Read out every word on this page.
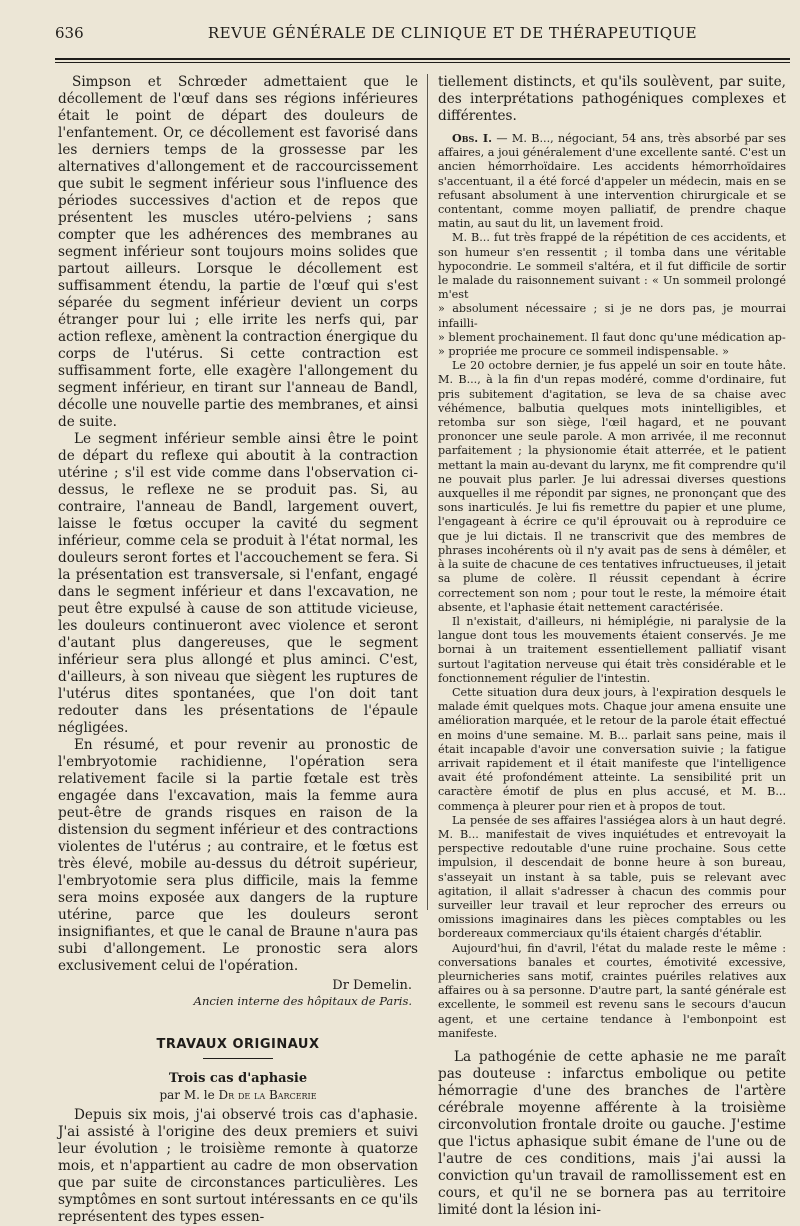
636	REVUE GÉNÉRALE DE CLINIQUE ET DE THÉRAPEUTIQUE

Simpson et Schrœder admettaient que le décollement de l'œuf dans ses régions inférieures était le point de départ des douleurs de l'enfantement. Or, ce décollement est favorisé dans les derniers temps de la grossesse par les alternatives d'allongement et de raccourcissement que subit le segment inférieur sous l'influence des périodes successives d'action et de repos que présentent les muscles utéro-pelviens ; sans compter que les adhérences des membranes au segment inférieur sont toujours moins solides que partout ailleurs. Lorsque le décollement est suffisamment étendu, la partie de l'œuf qui s'est séparée du segment inférieur devient un corps étranger pour lui ; elle irrite les nerfs qui, par action reflexe, amènent la contraction énergique du corps de l'utérus. Si cette contraction est suffisamment forte, elle exagère l'allongement du segment inférieur, en tirant sur l'anneau de Bandl, décolle une nouvelle partie des membranes, et ainsi de suite.

Le segment inférieur semble ainsi être le point de départ du reflexe qui aboutit à la contraction utérine ; s'il est vide comme dans l'observation ci-dessus, le reflexe ne se produit pas. Si, au contraire, l'anneau de Bandl, largement ouvert, laisse le fœtus occuper la cavité du segment inférieur, comme cela se produit à l'état normal, les douleurs seront fortes et l'accouchement se fera. Si la présentation est transversale, si l'enfant, engagé dans le segment inférieur et dans l'excavation, ne peut être expulsé à cause de son attitude vicieuse, les douleurs continueront avec violence et seront d'autant plus dangereuses, que le segment inférieur sera plus allongé et plus aminci. C'est, d'ailleurs, à son niveau que siègent les ruptures de l'utérus dites spontanées, que l'on doit tant redouter dans les présentations de l'épaule négligées.

En résumé, et pour revenir au pronostic de l'embryotomie rachidienne, l'opération sera relativement facile si la partie fœtale est très engagée dans l'excavation, mais la femme aura peut-être de grands risques en raison de la distension du segment inférieur et des contractions violentes de l'utérus ; au contraire, et le fœtus est très élevé, mobile au-dessus du détroit supérieur, l'embryotomie sera plus difficile, mais la femme sera moins exposée aux dangers de la rupture utérine, parce que les douleurs seront insignifiantes, et que le canal de Braune n'aura pas subi d'allongement. Le pronostic sera alors exclusivement celui de l'opération.

Dr Demelin.
Ancien interne des hôpitaux de Paris.
TRAVAUX ORIGINAUX
Trois cas d'aphasie
par M. le Dr de la Barcerie

Depuis six mois, j'ai observé trois cas d'aphasie. J'ai assisté à l'origine des deux premiers et suivi leur évolution ; le troisième remonte à quatorze mois, et n'appartient au cadre de mon observation que par suite de circonstances particulières. Les symptômes en sont surtout intéressants en ce qu'ils représentent des types essen-

tiellement distincts, et qu'ils soulèvent, par suite, des interprétations pathogéniques complexes et différentes.

Obs. I. — M. B..., négociant, 54 ans, très absorbé par ses affaires, a joui généralement d'une excellente santé. C'est un ancien hémorrhoïdaire. Les accidents hémorrhoïdaires s'accentuant, il a été forcé d'appeler un médecin, mais en se refusant absolument à une intervention chirurgicale et se contentant, comme moyen palliatif, de prendre chaque matin, au saut du lit, un lavement froid.

M. B... fut très frappé de la répétition de ces accidents, et son humeur s'en ressentit ; il tomba dans une véritable hypocondrie. Le sommeil s'altéra, et il fut difficile de sortir le malade du raisonnement suivant : « Un sommeil prolongé m'est

» absolument nécessaire ; si je ne dors pas, je mourrai infailli-

» blement prochainement. Il faut donc qu'une médication ap-

» propriée me procure ce sommeil indispensable. »

Le 20 octobre dernier, je fus appelé un soir en toute hâte. M. B..., à la fin d'un repas modéré, comme d'ordinaire, fut pris subitement d'agitation, se leva de sa chaise avec véhémence, balbutia quelques mots inintelligibles, et retomba sur son siège, l'œil hagard, et ne pouvant prononcer une seule parole. A mon arrivée, il me reconnut parfaitement ; la physionomie était atterrée, et le patient mettant la main au-devant du larynx, me fit comprendre qu'il ne pouvait plus parler. Je lui adressai diverses questions auxquelles il me répondit par signes, ne prononçant que des sons inarticulés. Je lui fis remettre du papier et une plume, l'engageant à écrire ce qu'il éprouvait ou à reproduire ce que je lui dictais. Il ne transcrivit que des membres de phrases incohérents où il n'y avait pas de sens à démêler, et à la suite de chacune de ces tentatives infructueuses, il jetait sa plume de colère. Il réussit cependant à écrire correctement son nom ; pour tout le reste, la mémoire était absente, et l'aphasie était nettement caractérisée.

Il n'existait, d'ailleurs, ni hémiplégie, ni paralysie de la langue dont tous les mouvements étaient conservés. Je me bornai à un traitement essentiellement palliatif visant surtout l'agitation nerveuse qui était très considérable et le fonctionnement régulier de l'intestin.

Cette situation dura deux jours, à l'expiration desquels le malade émit quelques mots. Chaque jour amena ensuite une amélioration marquée, et le retour de la parole était effectué en moins d'une semaine. M. B... parlait sans peine, mais il était incapable d'avoir une conversation suivie ; la fatigue arrivait rapidement et il était manifeste que l'intelligence avait été profondément atteinte. La sensibilité prit un caractère émotif de plus en plus accusé, et M. B... commença à pleurer pour rien et à propos de tout.

La pensée de ses affaires l'assiégea alors à un haut degré. M. B... manifestait de vives inquiétudes et entrevoyait la perspective redoutable d'une ruine prochaine. Sous cette impulsion, il descendait de bonne heure à son bureau, s'asseyait un instant à sa table, puis se relevant avec agitation, il allait s'adresser à chacun des commis pour surveiller leur travail et leur reprocher des erreurs ou omissions imaginaires dans les pièces comptables ou les bordereaux commerciaux qu'ils étaient chargés d'établir.

Aujourd'hui, fin d'avril, l'état du malade reste le même : conversations banales et courtes, émotivité excessive, pleurnicheries sans motif, craintes puériles relatives aux affaires ou à sa personne. D'autre part, la santé générale est excellente, le sommeil est revenu sans le secours d'aucun agent, et une certaine tendance à l'embonpoint est manifeste.

La pathogénie de cette aphasie ne me paraît pas douteuse : infarctus embolique ou petite hémorragie d'une des branches de l'artère cérébrale moyenne afférente à la troisième circonvolution frontale droite ou gauche. J'estime que l'ictus aphasique subit émane de l'une ou de l'autre de ces conditions, mais j'ai aussi la conviction qu'un travail de ramollissement est en cours, et qu'il ne se bornera pas au territoire limité dont la lésion ini-
